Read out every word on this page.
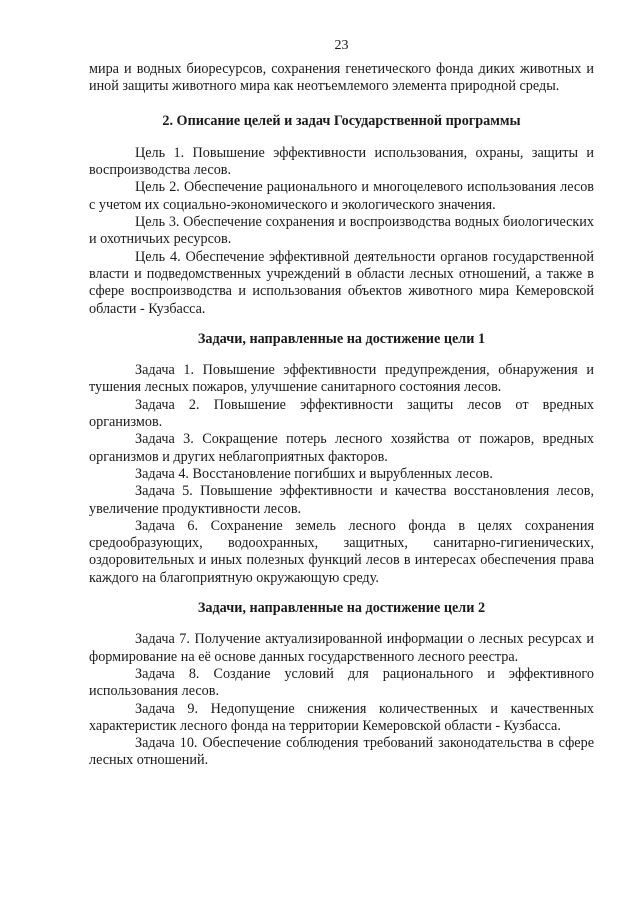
23

мира и водных биоресурсов, сохранения генетического фонда диких животных и иной защиты животного мира как неотъемлемого элемента природной среды.

2. Описание целей и задач Государственной программы

Цель 1. Повышение эффективности использования, охраны, защиты и воспроизводства лесов.

Цель 2. Обеспечение рационального и многоцелевого использования лесов с учетом их социально-экономического и экологического значения.

Цель 3. Обеспечение сохранения и воспроизводства водных биологических и охотничьих ресурсов.

Цель 4. Обеспечение эффективной деятельности органов государственной власти и подведомственных учреждений в области лесных отношений, а также в сфере воспроизводства и использования объектов животного мира Кемеровской области - Кузбасса.

Задачи, направленные на достижение цели 1

Задача 1. Повышение эффективности предупреждения, обнаружения и тушения лесных пожаров, улучшение санитарного состояния лесов.

Задача 2. Повышение эффективности защиты лесов от вредных организмов.

Задача 3. Сокращение потерь лесного хозяйства от пожаров, вредных организмов и других неблагоприятных факторов.

Задача 4. Восстановление погибших и вырубленных лесов.

Задача 5. Повышение эффективности и качества восстановления лесов, увеличение продуктивности лесов.

Задача 6. Сохранение земель лесного фонда в целях сохранения средообразующих, водоохранных, защитных, санитарно-гигиенических, оздоровительных и иных полезных функций лесов в интересах обеспечения права каждого на благоприятную окружающую среду.

Задачи, направленные на достижение цели 2

Задача 7. Получение актуализированной информации о лесных ресурсах и формирование на её основе данных государственного лесного реестра.

Задача 8. Создание условий для рационального и эффективного использования лесов.

Задача 9. Недопущение снижения количественных и качественных характеристик лесного фонда на территории Кемеровской области - Кузбасса.

Задача 10. Обеспечение соблюдения требований законодательства в сфере лесных отношений.
